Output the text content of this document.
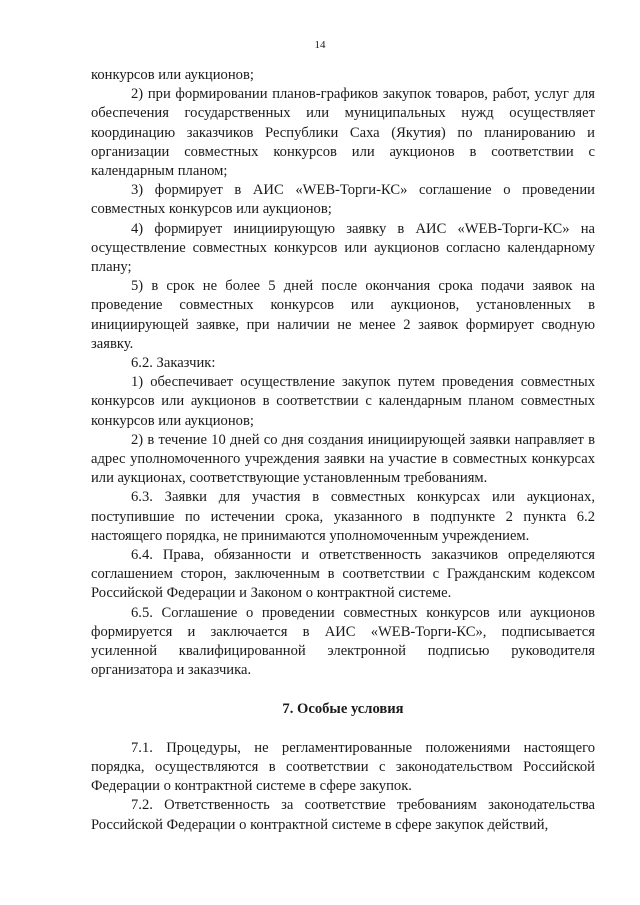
14

конкурсов или аукционов;

2) при формировании планов-графиков закупок товаров, работ, услуг для обеспечения государственных или муниципальных нужд осуществляет координацию заказчиков Республики Саха (Якутия) по планированию и организации совместных конкурсов или аукционов в соответствии с календарным планом;

3) формирует в АИС «WEB-Торги-КС» соглашение о проведении совместных конкурсов или аукционов;

4) формирует инициирующую заявку в АИС «WEB-Торги-КС» на осуществление совместных конкурсов или аукционов согласно календарному плану;

5) в срок не более 5 дней после окончания срока подачи заявок на проведение совместных конкурсов или аукционов, установленных в инициирующей заявке, при наличии не менее 2 заявок формирует сводную заявку.

6.2. Заказчик:

1) обеспечивает осуществление закупок путем проведения совместных конкурсов или аукционов в соответствии с календарным планом совместных конкурсов или аукционов;

2) в течение 10 дней со дня создания инициирующей заявки направляет в адрес уполномоченного учреждения заявки на участие в совместных конкурсах или аукционах, соответствующие установленным требованиям.

6.3. Заявки для участия в совместных конкурсах или аукционах, поступившие по истечении срока, указанного в подпункте 2 пункта 6.2 настоящего порядка, не принимаются уполномоченным учреждением.

6.4. Права, обязанности и ответственность заказчиков определяются соглашением сторон, заключенным в соответствии с Гражданским кодексом Российской Федерации и Законом о контрактной системе.

6.5. Соглашение о проведении совместных конкурсов или аукционов формируется и заключается в АИС «WEB-Торги-КС», подписывается усиленной квалифицированной электронной подписью руководителя организатора и заказчика.

7. Особые условия

7.1. Процедуры, не регламентированные положениями настоящего порядка, осуществляются в соответствии с законодательством Российской Федерации о контрактной системе в сфере закупок.

7.2. Ответственность за соответствие требованиям законодательства Российской Федерации о контрактной системе в сфере закупок действий,
